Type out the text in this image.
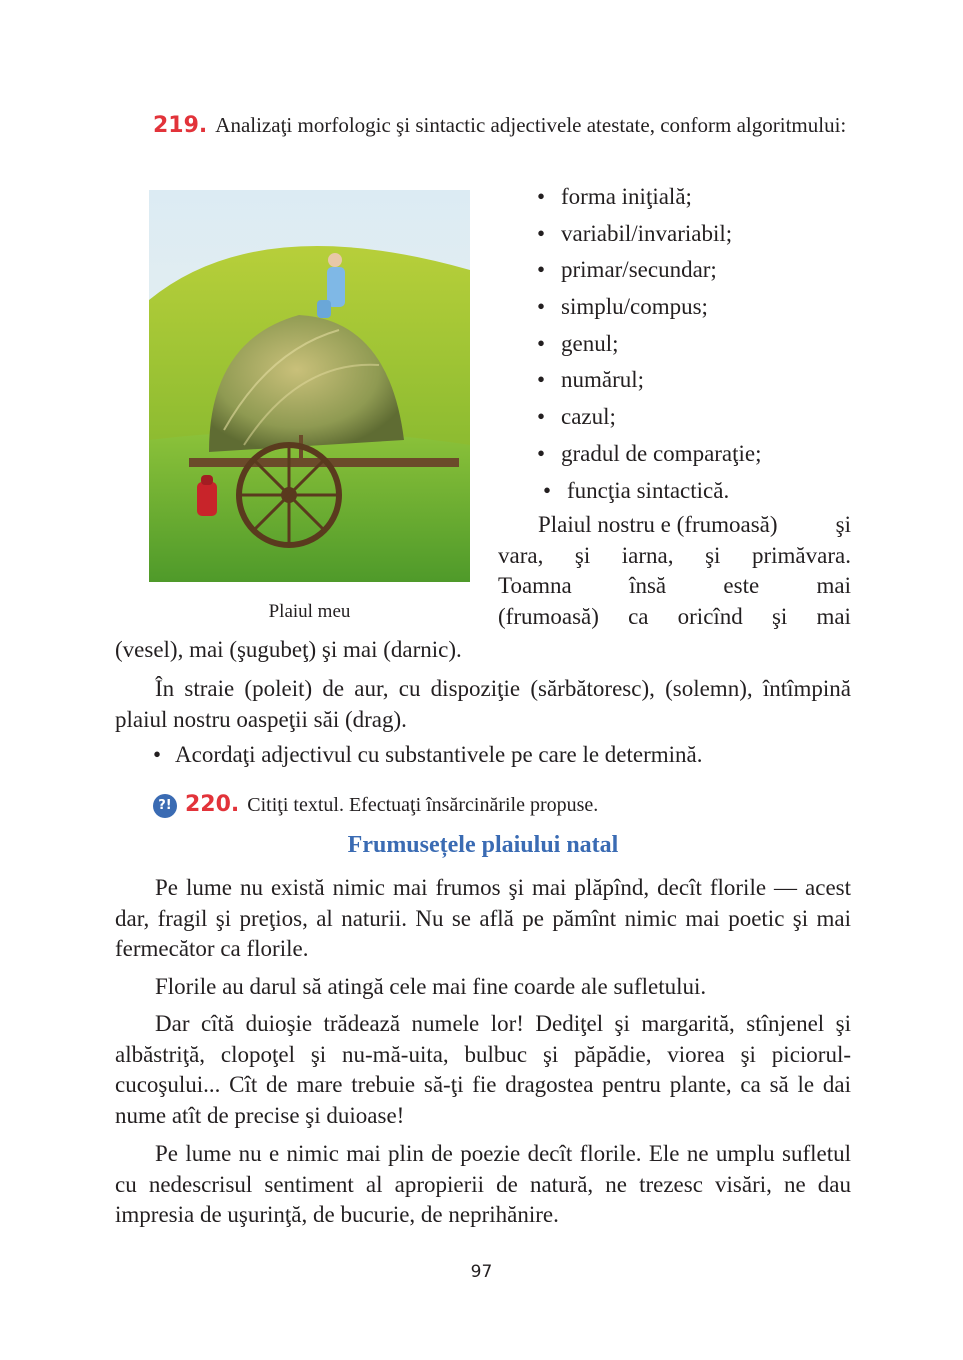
219. Analizaţi morfologic şi sintactic adjectivele atestate, conform algoritmului:
Plaiul meu
• forma iniţială;
• variabil/invariabil;
• primar/secundar;
• simplu/compus;
• genul;
• numărul;
• cazul;
• gradul de comparaţie;
• funcţia sintactică.
Plaiul nostru e (frumoasă)	şi
vara, şi iarna, şi primăvara.
Toamna însă este mai
(frumoasă) ca oricînd şi mai
(vesel), mai (şugubeţ) şi mai (darnic).
În straie (poleit) de aur, cu dispoziţie (sărbătoresc), (solemn), întîmpină plaiul nostru oaspeţii săi (drag).
• Acordaţi adjectivul cu substantivele pe care le determină.
?! 220. Citiţi textul. Efectuaţi însărcinările propuse.
Frumusețele plaiului natal
Pe lume nu există nimic mai frumos şi mai plăpînd, decît florile — acest dar, fragil şi preţios, al naturii. Nu se află pe pămînt nimic mai poetic şi mai fermecător ca florile.
Florile au darul să atingă cele mai fine coarde ale sufletului.
Dar cîtă duioşie trădează numele lor! Dediţel şi margarită, stînjenel şi albăstriţă, clopoţel şi nu-mă-uita, bulbuc şi păpădie, viorea şi piciorul-cucoşului... Cît de mare trebuie să-ţi fie dragostea pentru plante, ca să le dai nume atît de precise şi duioase!
Pe lume nu e nimic mai plin de poezie decît florile. Ele ne umplu sufletul cu nedescrisul sentiment al apropierii de natură, ne trezesc visări, ne dau impresia de uşurinţă, de bucurie, de neprihănire.
97
